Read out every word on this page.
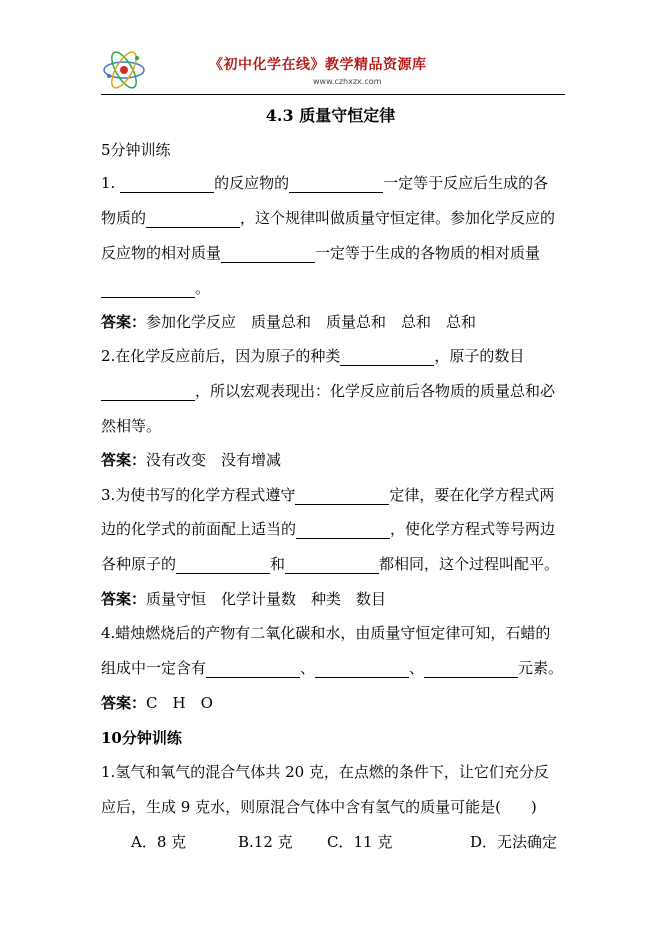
《初中化学在线》教学精品资源库
www.czhxzx.com
4.3 质量守恒定律
5分钟训练
1.	的反应物的	一定等于反应后生成的各
物质的	，这个规律叫做质量守恒定律。参加化学反应的
反应物的相对质量	一定等于生成的各物质的相对质量
。
答案：参加化学反应　质量总和　质量总和　总和　总和
2.在化学反应前后，因为原子的种类	，原子的数目
，所以宏观表现出：化学反应前后各物质的质量总和必
然相等。
答案：没有改变　没有增减
3.为使书写的化学方程式遵守	定律，要在化学方程式两
边的化学式的前面配上适当的	，使化学方程式等号两边
各种原子的	和	都相同，这个过程叫配平。
答案：质量守恒　化学计量数　种类　数目
4.蜡烛燃烧后的产物有二氧化碳和水，由质量守恒定律可知，石蜡的
组成中一定含有	、	、	元素。
答案：C　H　O
10分钟训练
1.氢气和氧气的混合气体共 20 克，在点燃的条件下，让它们充分反
应后，生成 9 克水，则原混合气体中含有氢气的质量可能是(　　)
A．8 克	B.12 克 C．11 克	D．无法确定
